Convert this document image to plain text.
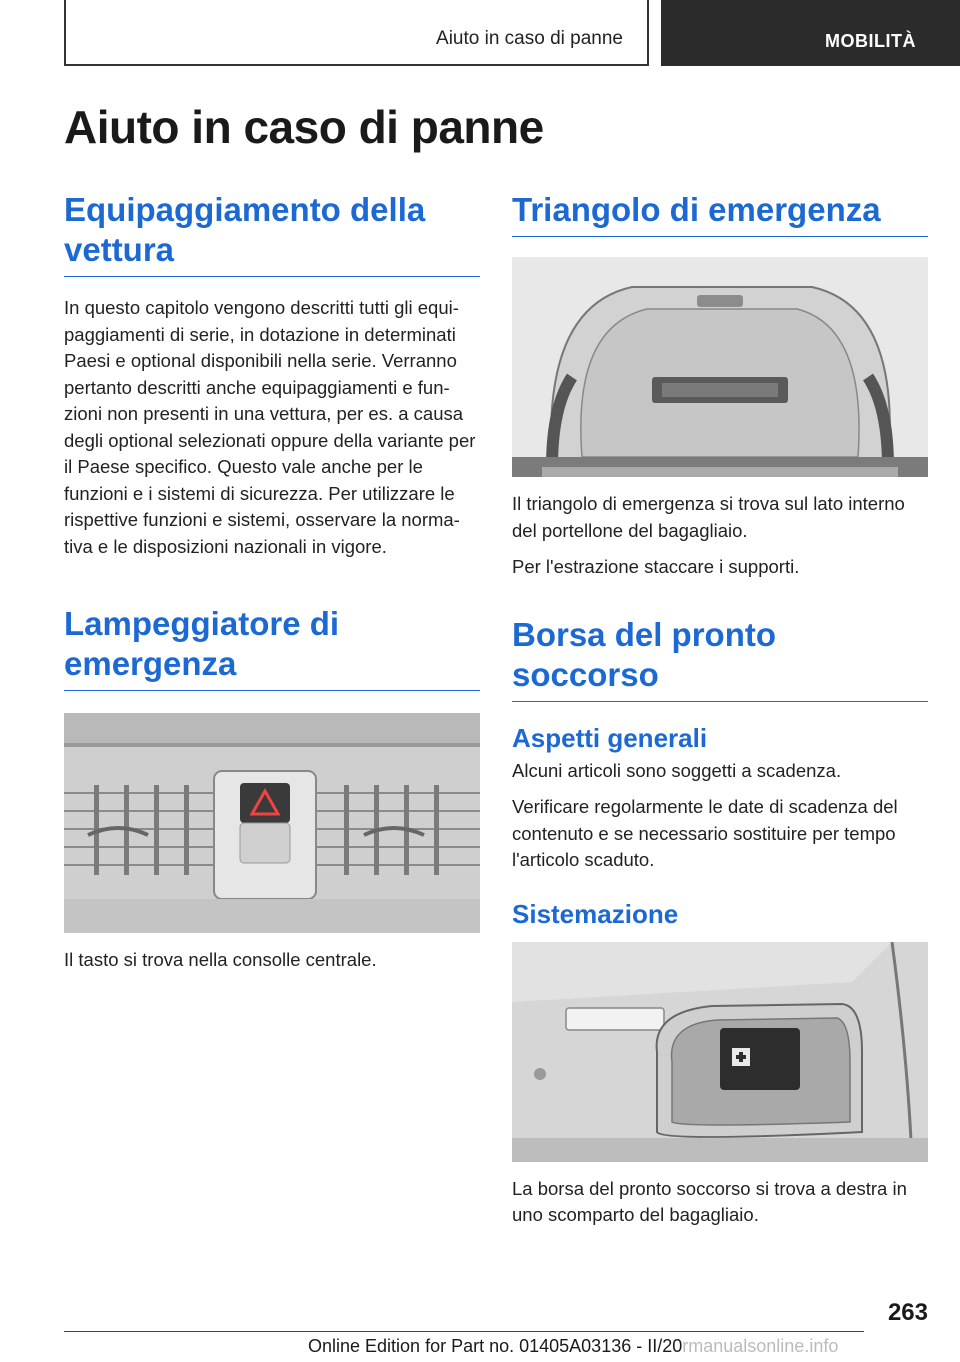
Aiuto in caso di panne	MOBILITÀ
Aiuto in caso di panne
Equipaggiamento della vettura

In questo capitolo vengono descritti tutti gli equi-paggiamenti di serie, in dotazione in determinati Paesi e optional disponibili nella serie. Verranno pertanto descritti anche equipaggiamenti e fun-zioni non presenti in una vettura, per es. a causa degli optional selezionati oppure della variante per il Paese specifico. Questo vale anche per le funzioni e i sistemi di sicurezza. Per utilizzare le rispettive funzioni e sistemi, osservare la norma-tiva e le disposizioni nazionali in vigore.

Lampeggiatore di emergenza

Il tasto si trova nella consolle centrale.

Triangolo di emergenza

Il triangolo di emergenza si trova sul lato interno del portellone del bagagliaio.

Per l'estrazione staccare i supporti.

Borsa del pronto soccorso
Aspetti generali

Alcuni articoli sono soggetti a scadenza.

Verificare regolarmente le date di scadenza del contenuto e se necessario sostituire per tempo l'articolo scaduto.

Sistemazione

La borsa del pronto soccorso si trova a destra in uno scomparto del bagagliaio.

263
Online Edition for Part no. 01405A03136 - II/20rmanualsonline.info
